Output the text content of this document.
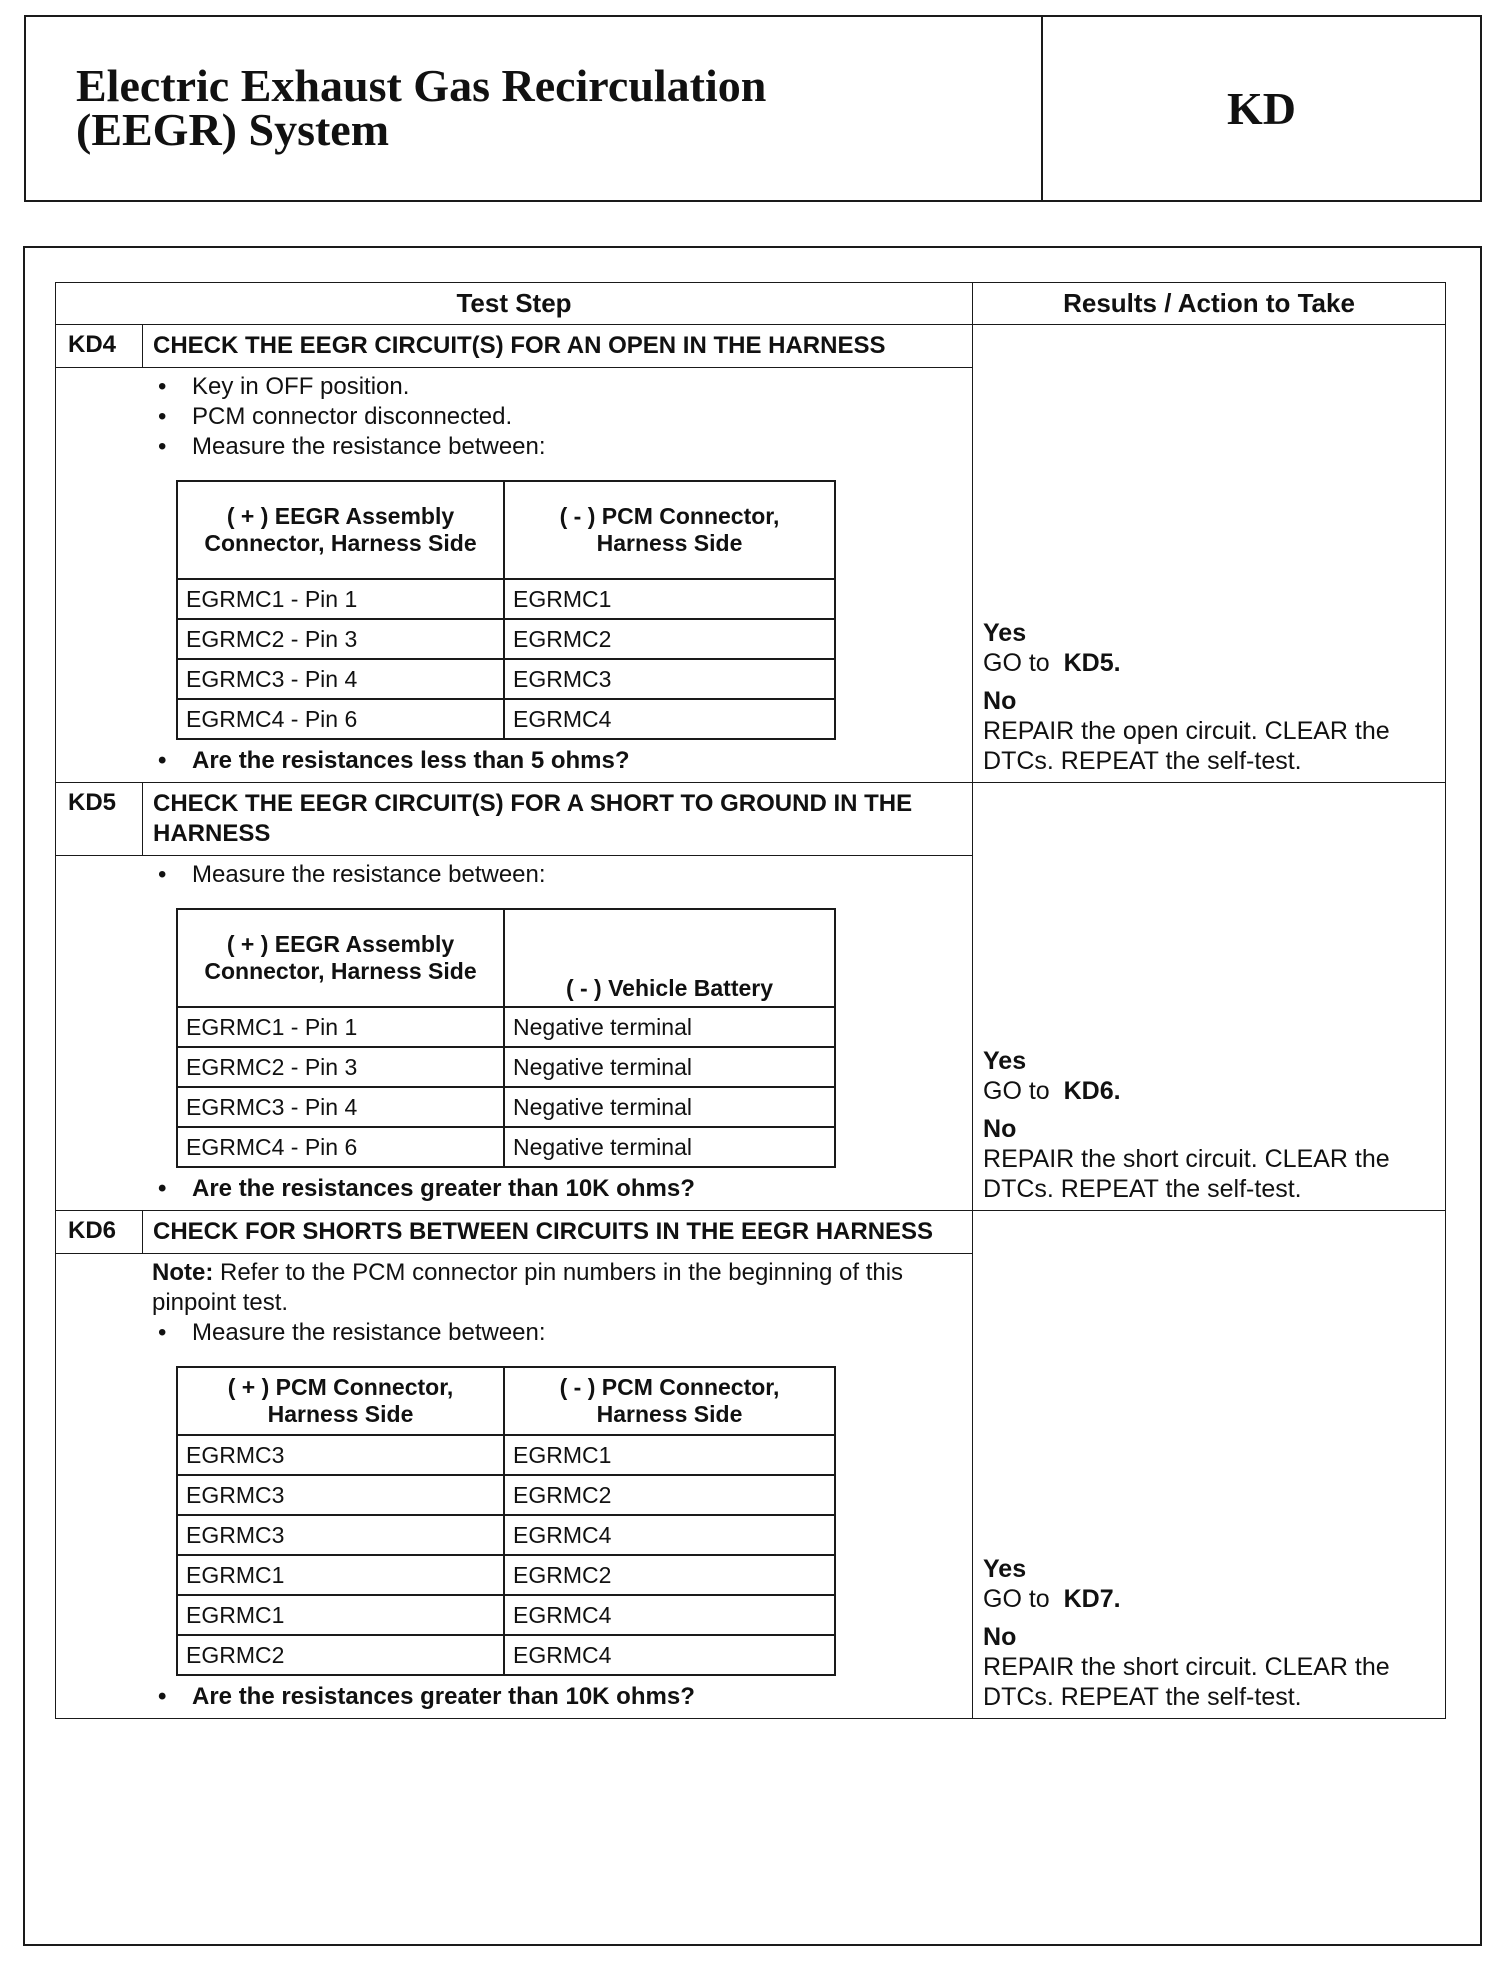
Electric Exhaust Gas Recirculation
(EEGR) System	KD
Test Step	Results / Action to Take
KD4	CHECK THE EEGR CIRCUIT(S) FOR AN OPEN IN THE HARNESS	
Yes
GO to KD5.
No
REPAIR the open circuit. CLEAR the DTCs. REPEAT the self-test.

• Key in OFF position.
• PCM connector disconnected.
• Measure the resistance between:
( + ) EEGR Assembly Connector, Harness Side	( - ) PCM Connector, Harness Side
EGRMC1 - Pin 1	EGRMC1
EGRMC2 - Pin 3	EGRMC2
EGRMC3 - Pin 4	EGRMC3
EGRMC4 - Pin 6	EGRMC4
• Are the resistances less than 5 ohms?

KD5	CHECK THE EEGR CIRCUIT(S) FOR A SHORT TO GROUND IN THE HARNESS	
Yes
GO to KD6.
No
REPAIR the short circuit. CLEAR the DTCs. REPEAT the self-test.

• Measure the resistance between:
( + ) EEGR Assembly Connector, Harness Side	( - ) Vehicle Battery
EGRMC1 - Pin 1	Negative terminal
EGRMC2 - Pin 3	Negative terminal
EGRMC3 - Pin 4	Negative terminal
EGRMC4 - Pin 6	Negative terminal
• Are the resistances greater than 10K ohms?

KD6	CHECK FOR SHORTS BETWEEN CIRCUITS IN THE EEGR HARNESS	
Yes
GO to KD7.
No
REPAIR the short circuit. CLEAR the DTCs. REPEAT the self-test.

Note: Refer to the PCM connector pin numbers in the beginning of this pinpoint test.
• Measure the resistance between:
( + ) PCM Connector, Harness Side	( - ) PCM Connector, Harness Side
EGRMC3	EGRMC1
EGRMC3	EGRMC2
EGRMC3	EGRMC4
EGRMC1	EGRMC2
EGRMC1	EGRMC4
EGRMC2	EGRMC4
• Are the resistances greater than 10K ohms?
